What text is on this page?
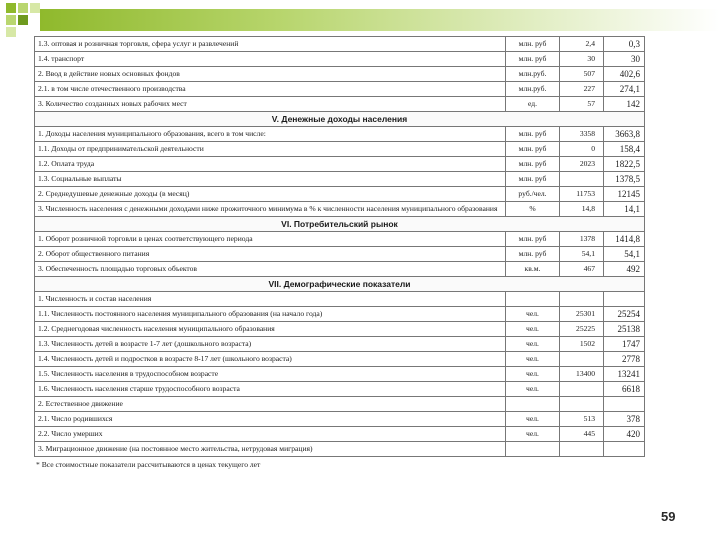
1.3. оптовая и розничная торговля, сфера услуг и развлечений	млн. руб	2,4	0,3
1.4. транспорт	млн. руб	30	30
2. Ввод в действие новых основных фондов	млн.руб.	507	402,6
2.1. в том числе отечественного производства	млн.руб.	227	274,1
3. Количество созданных новых рабочих мест	ед.	57	142
V. Денежные доходы населения			
1. Доходы населения муниципального образования, всего в том числе:	млн. руб	3358	3663,8
1.1. Доходы от предпринимательской деятельности	млн. руб	0	158,4
1.2. Оплата труда	млн. руб	2023	1822,5
1.3. Социальные выплаты	млн. руб		1378,5
2. Среднедушевые денежные доходы (в месяц)	руб./чел.	11753	12145
3. Численность населения с денежными доходами ниже прожиточного минимума в % к численности населения муниципального образования	%	14,8	14,1
VI. Потребительский рынок			
1. Оборот розничной торговли в ценах соответствующего периода	млн. руб	1378	1414,8
2. Оборот общественного питания	млн. руб	54,1	54,1
3. Обеспеченность площадью торговых объектов	кв.м.	467	492
VII. Демографические показатели			
1. Численность и состав населения			
1.1. Численность постоянного населения муниципального образования (на начало года)	чел.	25301	25254
1.2. Среднегодовая численность населения муниципального образования	чел.	25225	25138
1.3. Численность детей в возрасте 1-7 лет (дошкольного возраста)	чел.	1502	1747
1.4. Численность детей и подростков в возрасте 8-17 лет (школьного возраста)	чел.		2778
1.5. Численность населения в трудоспособном возрасте	чел.	13400	13241
1.6. Численность населения старше трудоспособного возраста	чел.		6618
2. Естественное движение			
2.1. Число родившихся	чел.	513	378
2.2. Число умерших	чел.	445	420
3. Миграционное движение (на постоянное место жительства, нетрудовая миграция)			
* Все стоимостные показатели рассчитываются в ценах текущего лет
59
